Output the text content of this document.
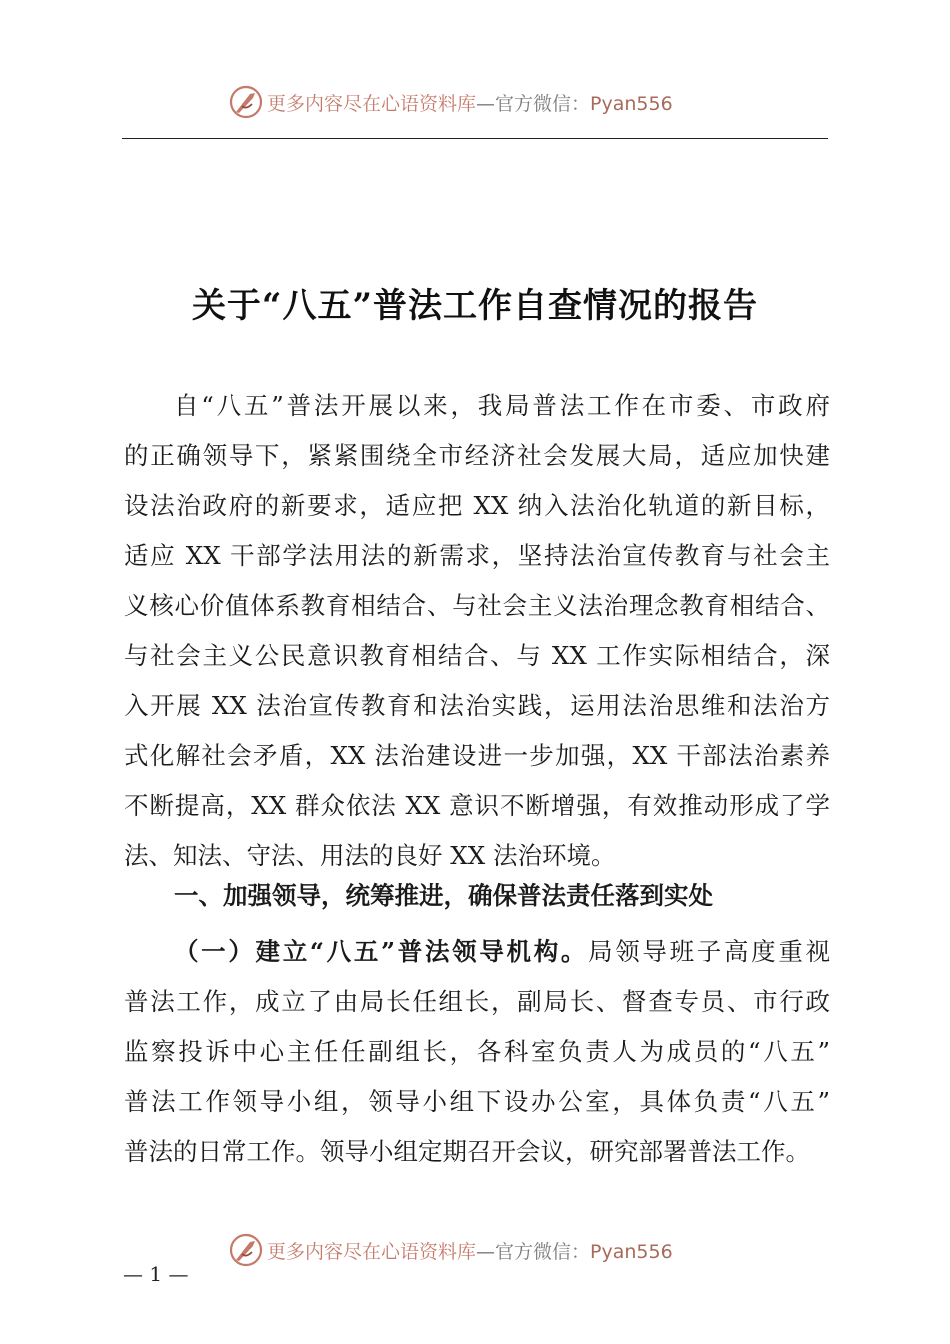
更多内容尽在心语资料库—官方微信：Pyan556
关于“八五”普法工作自查情况的报告
自“八五”普法开展以来，我局普法工作在市委、市政府
的正确领导下，紧紧围绕全市经济社会发展大局，适应加快建
设法治政府的新要求，适应把 XX 纳入法治化轨道的新目标，
适应 XX 干部学法用法的新需求，坚持法治宣传教育与社会主
义核心价值体系教育相结合、与社会主义法治理念教育相结合、
与社会主义公民意识教育相结合、与 XX 工作实际相结合，深
入开展 XX 法治宣传教育和法治实践，运用法治思维和法治方
式化解社会矛盾，XX 法治建设进一步加强，XX 干部法治素养
不断提高，XX 群众依法 XX 意识不断增强，有效推动形成了学
法、知法、守法、用法的良好 XX 法治环境。
一、加强领导，统筹推进，确保普法责任落到实处
（一）建立“八五”普法领导机构。局领导班子高度重视
普法工作，成立了由局长任组长，副局长、督查专员、市行政
监察投诉中心主任任副组长，各科室负责人为成员的“八五”
普法工作领导小组，领导小组下设办公室，具体负责“八五”
普法的日常工作。领导小组定期召开会议，研究部署普法工作。
更多内容尽在心语资料库—官方微信：Pyan556
— 1 —
